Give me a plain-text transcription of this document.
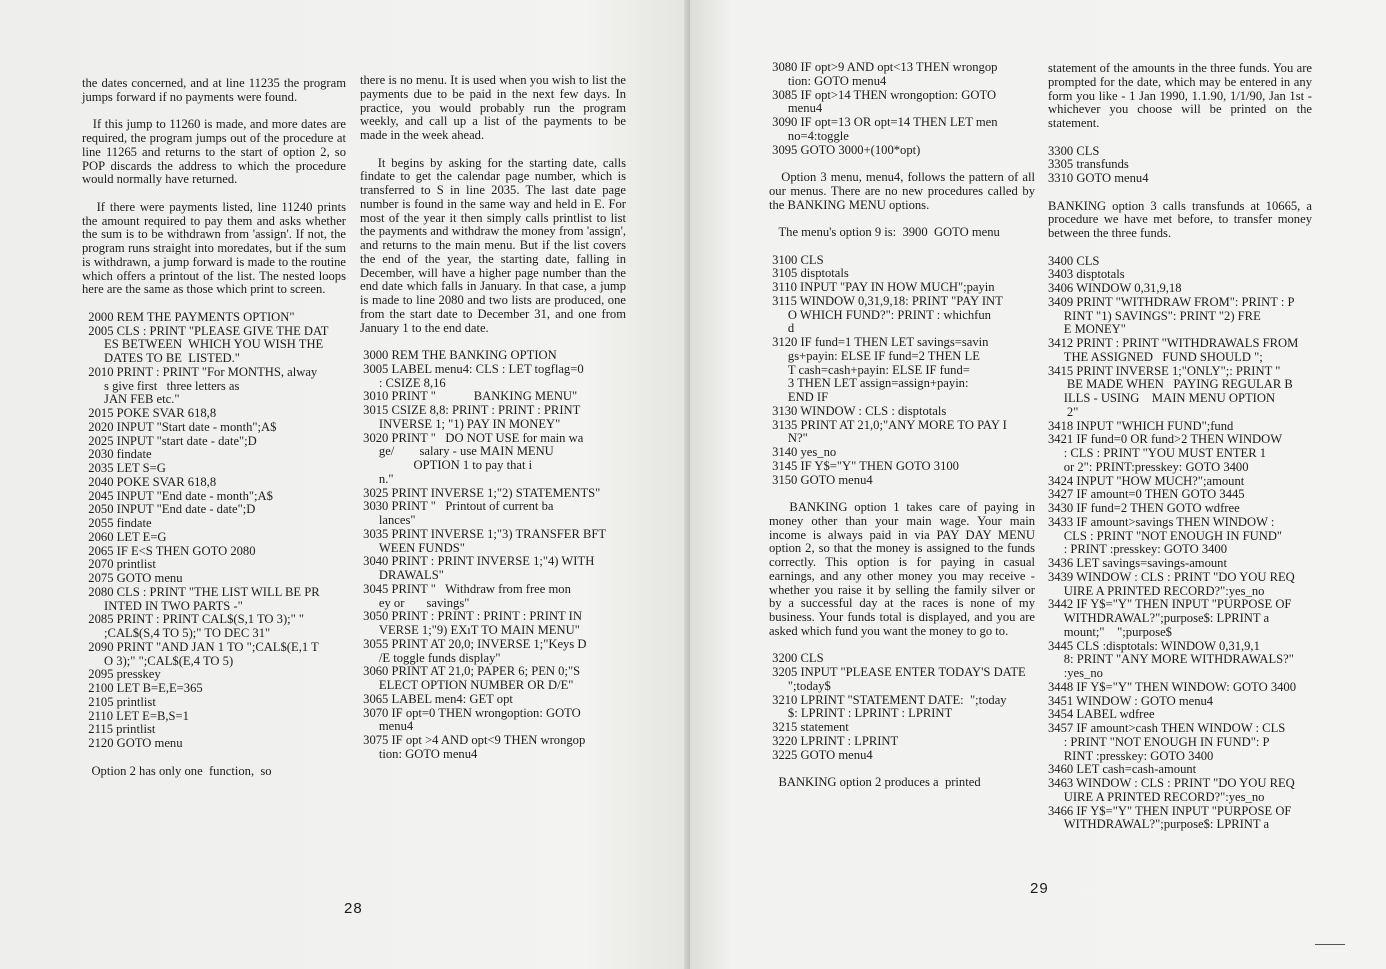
the dates concerned, and at line 11235 the program jumps forward if no payments were found.

If this jump to 11260 is made, and more dates are required, the program jumps out of the procedure at line 11265 and returns to the start of option 2, so POP discards the address to which the procedure would normally have returned.

If there were payments listed, line 11240 prints the amount required to pay them and asks whether the sum is to be withdrawn from 'assign'. If not, the program runs straight into moredates, but if the sum is withdrawn, a jump forward is made to the routine which offers a printout of the list. The nested loops here are the same as those which print to screen.

2000 REM THE PAYMENTS OPTION"
2005 CLS : PRINT "PLEASE GIVE THE DAT
ES BETWEEN  WHICH YOU WISH THE
DATES TO BE  LISTED."
2010 PRINT : PRINT "For MONTHS, alway
s give first   three letters as
JAN FEB etc."
2015 POKE SVAR 618,8
2020 INPUT "Start date - month";A$
2025 INPUT "start date - date";D
2030 findate
2035 LET S=G
2040 POKE SVAR 618,8
2045 INPUT "End date - month";A$
2050 INPUT "End date - date";D
2055 findate
2060 LET E=G
2065 IF E<S THEN GOTO 2080
2070 printlist
2075 GOTO menu
2080 CLS : PRINT "THE LIST WILL BE PR
INTED IN TWO PARTS -"
2085 PRINT : PRINT CAL$(S,1 TO 3);" "
;CAL$(S,4 TO 5);" TO DEC 31"
2090 PRINT "AND JAN 1 TO ";CAL$(E,1 T
O 3);" ";CAL$(E,4 TO 5)
2095 presskey
2100 LET B=E,E=365
2105 printlist
2110 LET E=B,S=1
2115 printlist
2120 GOTO menu

Option 2 has only one  function,  so

there is no menu. It is used when you wish to list the payments due to be paid in the next few days. In practice, you would probably run the program weekly, and call up a list of the payments to be made in the week ahead.

It begins by asking for the starting date, calls findate to get the calendar page number, which is transferred to S in line 2035. The last date page number is found in the same way and held in E. For most of the year it then simply calls printlist to list the payments and withdraw the money from 'assign', and returns to the main menu. But if the list covers the end of the year, the starting date, falling in December, will have a higher page number than the end date which falls in January. In that case, a jump is made to line 2080 and two lists are produced, one from the start date to December 31, and one from January 1 to the end date.

3000 REM THE BANKING OPTION
3005 LABEL menu4: CLS : LET togflag=0
: CSIZE 8,16
3010 PRINT "            BANKING MENU"
3015 CSIZE 8,8: PRINT : PRINT : PRINT
INVERSE 1; "1) PAY IN MONEY"
3020 PRINT "   DO NOT USE for main wa
ge/        salary - use MAIN MENU
OPTION 1 to pay that i
n."
3025 PRINT INVERSE 1;"2) STATEMENTS"
3030 PRINT "   Printout of current ba
lances"
3035 PRINT INVERSE 1;"3) TRANSFER BFT
WEEN FUNDS"
3040 PRINT : PRINT INVERSE 1;"4) WITH
DRAWALS"
3045 PRINT "   Withdraw from free mon
ey or       savings"
3050 PRINT : PRINT : PRINT : PRINT IN
VERSE 1;"9) EXıT TO MAIN MENU"
3055 PRINT AT 20,0; INVERSE 1;"Keys D
/E toggle funds display"
3060 PRINT AT 21,0; PAPER 6; PEN 0;"S
ELECT OPTION NUMBER OR D/E"
3065 LABEL men4: GET opt
3070 IF opt=0 THEN wrongoption: GOTO
menu4
3075 IF opt >4 AND opt<9 THEN wrongop
tion: GOTO menu4
28
3080 IF opt>9 AND opt<13 THEN wrongop
tion: GOTO menu4
3085 IF opt>14 THEN wrongoption: GOTO
menu4
3090 IF opt=13 OR opt=14 THEN LET men
no=4:toggle
3095 GOTO 3000+(100*opt)

Option 3 menu, menu4, follows the pattern of all our menus. There are no new procedures called by the BANKING MENU options.

The menu's option 9 is:  3900  GOTO menu

3100 CLS
3105 disptotals
3110 INPUT "PAY IN HOW MUCH";payin
3115 WINDOW 0,31,9,18: PRINT "PAY INT
O WHICH FUND?": PRINT : whichfun
d
3120 IF fund=1 THEN LET savings=savin
gs+payin: ELSE IF fund=2 THEN LE
T cash=cash+payin: ELSE IF fund=
3 THEN LET assign=assign+payin:
END IF
3130 WINDOW : CLS : disptotals
3135 PRINT AT 21,0;"ANY MORE TO PAY I
N?"
3140 yes_no
3145 IF Y$="Y" THEN GOTO 3100
3150 GOTO menu4

BANKING option 1 takes care of paying in money other than your main wage. Your main income is always paid in via PAY DAY MENU option 2, so that the money is assigned to the funds correctly. This option is for paying in casual earnings, and any other money you may receive - whether you raise it by selling the family silver or by a successful day at the races is none of my business. Your funds total is displayed, and you are asked which fund you want the money to go to.

3200 CLS
3205 INPUT "PLEASE ENTER TODAY'S DATE
";today$
3210 LPRINT "STATEMENT DATE:  ";today
$: LPRINT : LPRINT : LPRINT
3215 statement
3220 LPRINT : LPRINT
3225 GOTO menu4

BANKING option 2 produces a  printed

statement of the amounts in the three funds. You are prompted for the date, which may be entered in any form you like - 1 Jan 1990, 1.1.90, 1/1/90, Jan 1st - whichever you choose will be printed on the statement.

3300 CLS
3305 transfunds
3310 GOTO menu4

BANKING option 3 calls transfunds at 10665, a procedure we have met before, to transfer money between the three funds.

3400 CLS
3403 disptotals
3406 WINDOW 0,31,9,18
3409 PRINT "WITHDRAW FROM": PRINT : P
RINT "1) SAVINGS": PRINT "2) FRE
E MONEY"
3412 PRINT : PRINT "WITHDRAWALS FROM
THE ASSIGNED   FUND SHOULD ";
3415 PRINT INVERSE 1;"ONLY";: PRINT "
BE MADE WHEN   PAYING REGULAR B
ILLS - USING    MAIN MENU OPTION
2"
3418 INPUT "WHICH FUND";fund
3421 IF fund=0 OR fund>2 THEN WINDOW
: CLS : PRINT "YOU MUST ENTER 1
or 2": PRINT:presskey: GOTO 3400
3424 INPUT "HOW MUCH?";amount
3427 IF amount=0 THEN GOTO 3445
3430 IF fund=2 THEN GOTO wdfree
3433 IF amount>savings THEN WINDOW :
CLS : PRINT "NOT ENOUGH IN FUND"
: PRINT :presskey: GOTO 3400
3436 LET savings=savings-amount
3439 WINDOW : CLS : PRINT "DO YOU REQ
UIRE A PRINTED RECORD?":yes_no
3442 IF Y$="Y" THEN INPUT "PURPOSE OF
WITHDRAWAL?";purpose$: LPRINT a
mount;"    ";purpose$
3445 CLS :disptotals: WINDOW 0,31,9,1
8: PRINT "ANY MORE WITHDRAWALS?"
:yes_no
3448 IF Y$="Y" THEN WINDOW: GOTO 3400
3451 WINDOW : GOTO menu4
3454 LABEL wdfree
3457 IF amount>cash THEN WINDOW : CLS
: PRINT "NOT ENOUGH IN FUND": P
RINT :presskey: GOTO 3400
3460 LET cash=cash-amount
3463 WINDOW : CLS : PRINT "DO YOU REQ
UIRE A PRINTED RECORD?":yes_no
3466 IF Y$="Y" THEN INPUT "PURPOSE OF
WITHDRAWAL?";purpose$: LPRINT a
29
